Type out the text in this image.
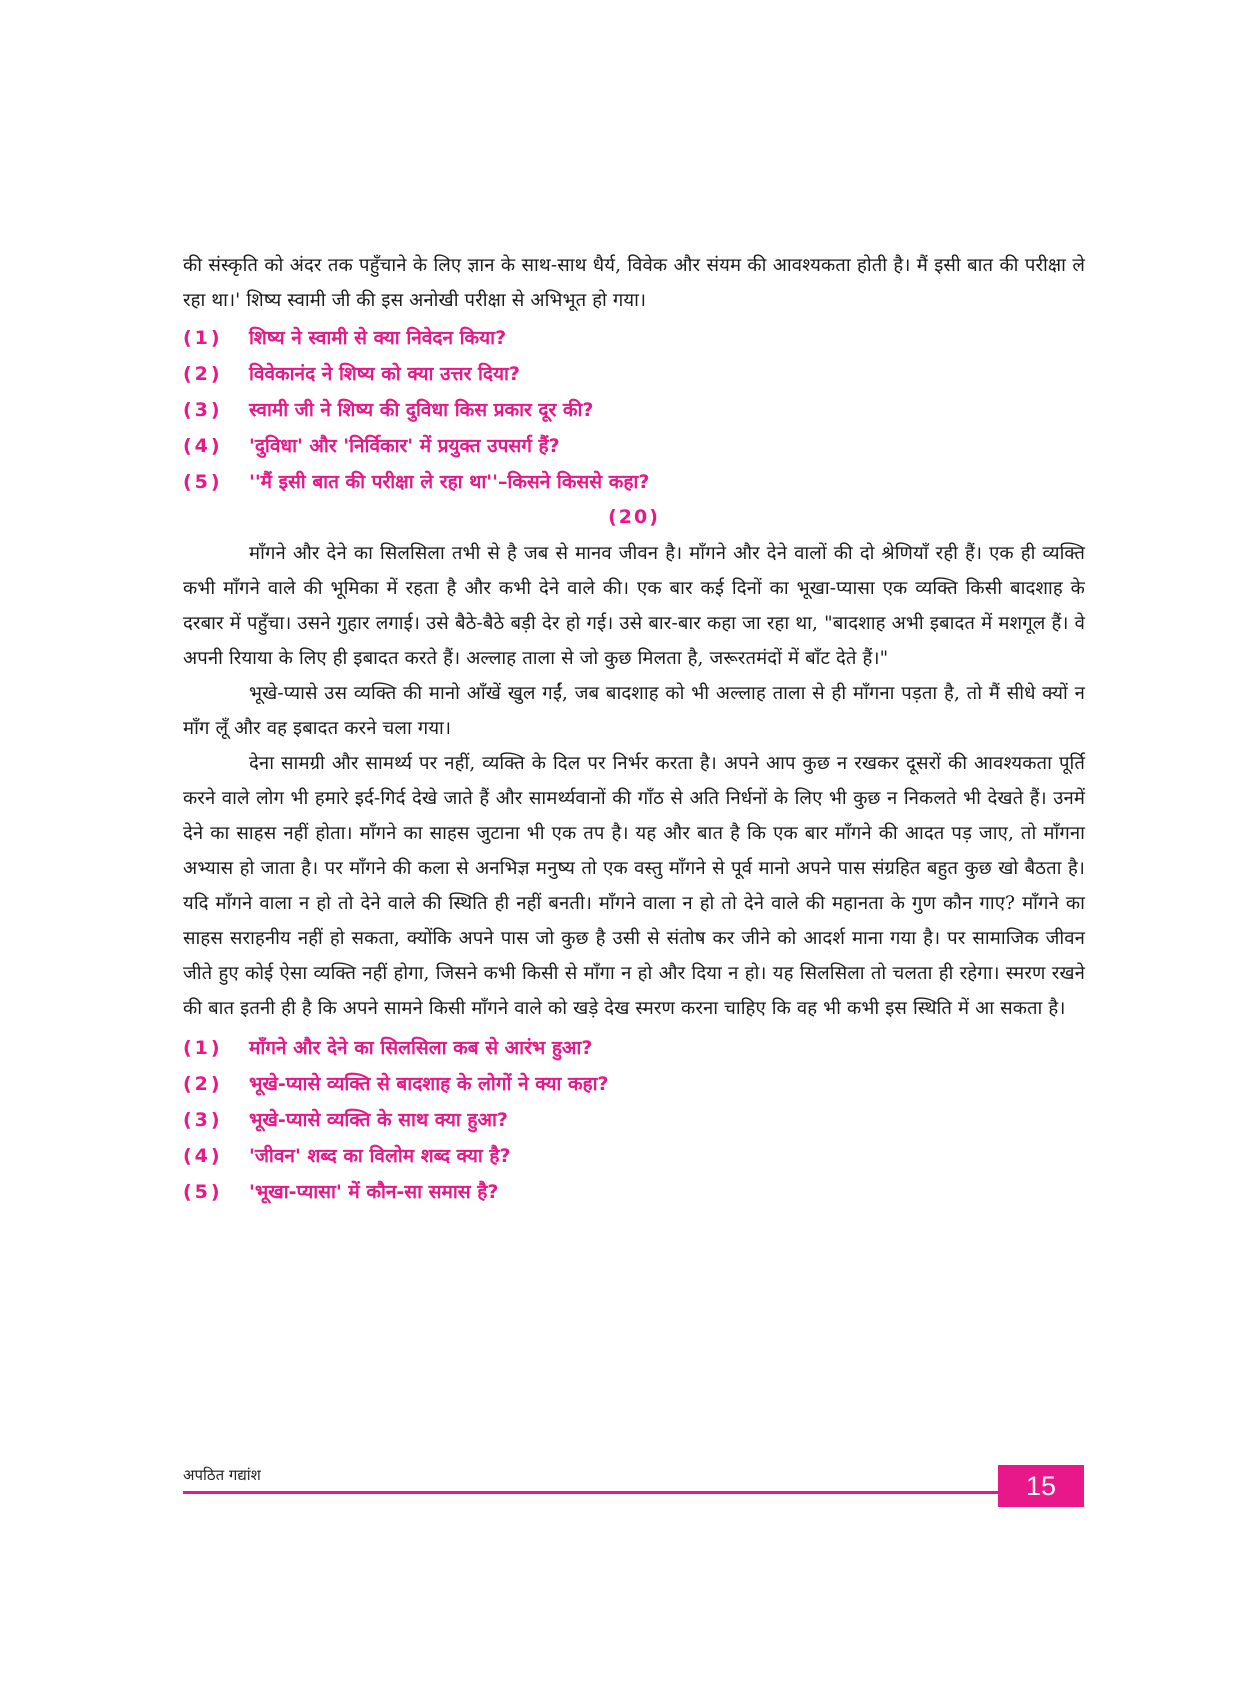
की संस्कृति को अंदर तक पहुँचाने के लिए ज्ञान के साथ-साथ धैर्य, विवेक और संयम की आवश्यकता होती है। मैं इसी बात की परीक्षा ले रहा था।' शिष्य स्वामी जी की इस अनोखी परीक्षा से अभिभूत हो गया।

(1)	शिष्य ने स्वामी से क्या निवेदन किया?
(2)	विवेकानंद ने शिष्य को क्या उत्तर दिया?
(3)	स्वामी जी ने शिष्य की दुविधा किस प्रकार दूर की?
(4)	'दुविधा' और 'निर्विकार' में प्रयुक्त उपसर्ग हैं?
(5)	''मैं इसी बात की परीक्षा ले रहा था''–किसने किससे कहा?
(20)

माँगने और देने का सिलसिला तभी से है जब से मानव जीवन है। माँगने और देने वालों की दो श्रेणियाँ रही हैं। एक ही व्यक्ति कभी माँगने वाले की भूमिका में रहता है और कभी देने वाले की। एक बार कई दिनों का भूखा-प्यासा एक व्यक्ति किसी बादशाह के दरबार में पहुँचा। उसने गुहार लगाई। उसे बैठे-बैठे बड़ी देर हो गई। उसे बार-बार कहा जा रहा था, "बादशाह अभी इबादत में मशगूल हैं। वे अपनी रियाया के लिए ही इबादत करते हैं। अल्लाह ताला से जो कुछ मिलता है, जरूरतमंदों में बाँट देते हैं।"

भूखे-प्यासे उस व्यक्ति की मानो आँखें खुल गईं, जब बादशाह को भी अल्लाह ताला से ही माँगना पड़ता है, तो मैं सीधे क्यों न माँग लूँ और वह इबादत करने चला गया।

देना सामग्री और सामर्थ्य पर नहीं, व्यक्ति के दिल पर निर्भर करता है। अपने आप कुछ न रखकर दूसरों की आवश्यकता पूर्ति करने वाले लोग भी हमारे इर्द-गिर्द देखे जाते हैं और सामर्थ्यवानों की गाँठ से अति निर्धनों के लिए भी कुछ न निकलते भी देखते हैं। उनमें देने का साहस नहीं होता। माँगने का साहस जुटाना भी एक तप है। यह और बात है कि एक बार माँगने की आदत पड़ जाए, तो माँगना अभ्यास हो जाता है। पर माँगने की कला से अनभिज्ञ मनुष्य तो एक वस्तु माँगने से पूर्व मानो अपने पास संग्रहित बहुत कुछ खो बैठता है। यदि माँगने वाला न हो तो देने वाले की स्थिति ही नहीं बनती। माँगने वाला न हो तो देने वाले की महानता के गुण कौन गाए? माँगने का साहस सराहनीय नहीं हो सकता, क्योंकि अपने पास जो कुछ है उसी से संतोष कर जीने को आदर्श माना गया है। पर सामाजिक जीवन जीते हुए कोई ऐसा व्यक्ति नहीं होगा, जिसने कभी किसी से माँगा न हो और दिया न हो। यह सिलसिला तो चलता ही रहेगा। स्मरण रखने की बात इतनी ही है कि अपने सामने किसी माँगने वाले को खड़े देख स्मरण करना चाहिए कि वह भी कभी इस स्थिति में आ सकता है।

(1)	माँगने और देने का सिलसिला कब से आरंभ हुआ?
(2)	भूखे-प्यासे व्यक्ति से बादशाह के लोगों ने क्या कहा?
(3)	भूखे-प्यासे व्यक्ति के साथ क्या हुआ?
(4)	'जीवन' शब्द का विलोम शब्द क्या है?
(5)	'भूखा-प्यासा' में कौन-सा समास है?
अपठित गद्यांश	15
